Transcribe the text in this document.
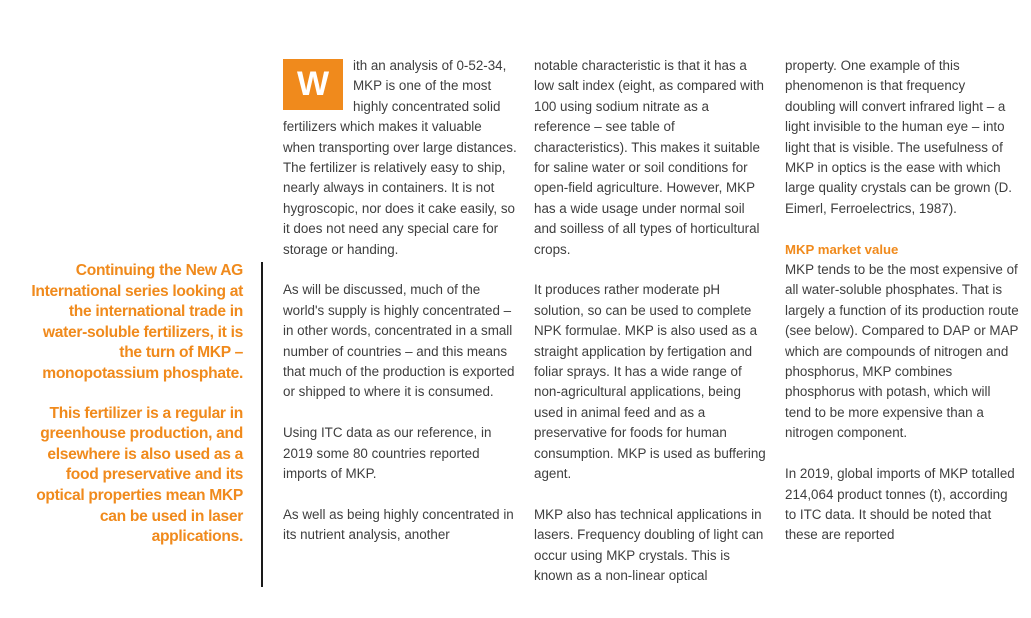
Continuing the New AG International series looking at the international trade in water-soluble fertilizers, it is the turn of MKP – monopotassium phosphate.

This fertilizer is a regular in greenhouse production, and elsewhere is also used as a food preservative and its optical properties mean MKP can be used in laser applications.

W	ith an analysis of 0-52-34, MKP is one of the most highly concentrated solid fertilizers which makes it valuable when transporting over large distances. The fertilizer is relatively easy to ship, nearly always in containers. It is not hygroscopic, nor does it cake easily, so it does not need any special care for storage or handing.

As will be discussed, much of the world's supply is highly concentrated – in other words, concentrated in a small number of countries – and this means that much of the production is exported or shipped to where it is consumed.

Using ITC data as our reference, in 2019 some 80 countries reported imports of MKP.

As well as being highly concentrated in its nutrient analysis, another

notable characteristic is that it has a low salt index (eight, as compared with 100 using sodium nitrate as a reference – see table of characteristics). This makes it suitable for saline water or soil conditions for open-field agriculture. However, MKP has a wide usage under normal soil and soilless of all types of horticultural crops.

It produces rather moderate pH solution, so can be used to complete NPK formulae. MKP is also used as a straight application by fertigation and foliar sprays. It has a wide range of non-agricultural applications, being used in animal feed and as a preservative for foods for human consumption. MKP is used as buffering agent.

MKP also has technical applications in lasers. Frequency doubling of light can occur using MKP crystals. This is known as a non-linear optical

property. One example of this phenomenon is that frequency doubling will convert infrared light – a light invisible to the human eye – into light that is visible. The usefulness of MKP in optics is the ease with which large quality crystals can be grown (D. Eimerl, Ferroelectrics, 1987).

MKP market value
MKP tends to be the most expensive of all water-soluble phosphates. That is largely a function of its production route (see below). Compared to DAP or MAP which are compounds of nitrogen and phosphorus, MKP combines phosphorus with potash, which will tend to be more expensive than a nitrogen component.

In 2019, global imports of MKP totalled 214,064 product tonnes (t), according to ITC data. It should be noted that these are reported
